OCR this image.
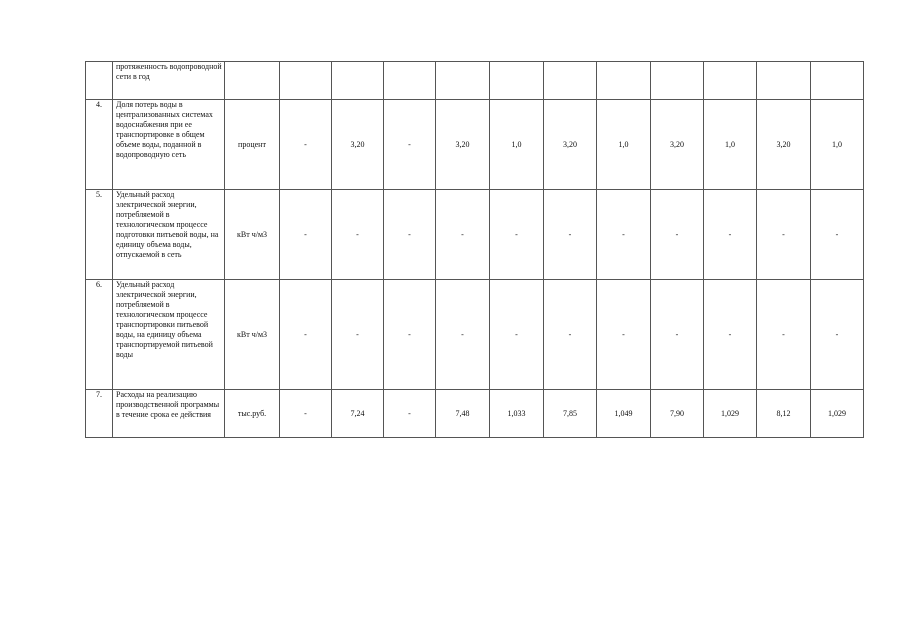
	протяженность водопроводной сети в год												
4.	Доля потерь воды в централизованных системах водоснабжения при ее транспортировке в общем объеме воды, поданной в водопроводную сеть	процент	-	3,20	-	3,20	1,0	3,20	1,0	3,20	1,0	3,20	1,0
5.	Удельный расход электрической энергии, потребляемой в технологическом процессе подготовки питьевой воды, на единицу объема воды, отпускаемой в сеть	кВт ч/м3	-	-	-	-	-	-	-	-	-	-	-
6.	Удельный расход электрической энергии, потребляемой в технологическом процессе транспортировки питьевой воды, на единицу объема транспортируемой питьевой воды	кВт ч/м3	-	-	-	-	-	-	-	-	-	-	-
7.	Расходы на реализацию производственной программы в течение срока ее действия	тыс.руб.	-	7,24	-	7,48	1,033	7,85	1,049	7,90	1,029	8,12	1,029
